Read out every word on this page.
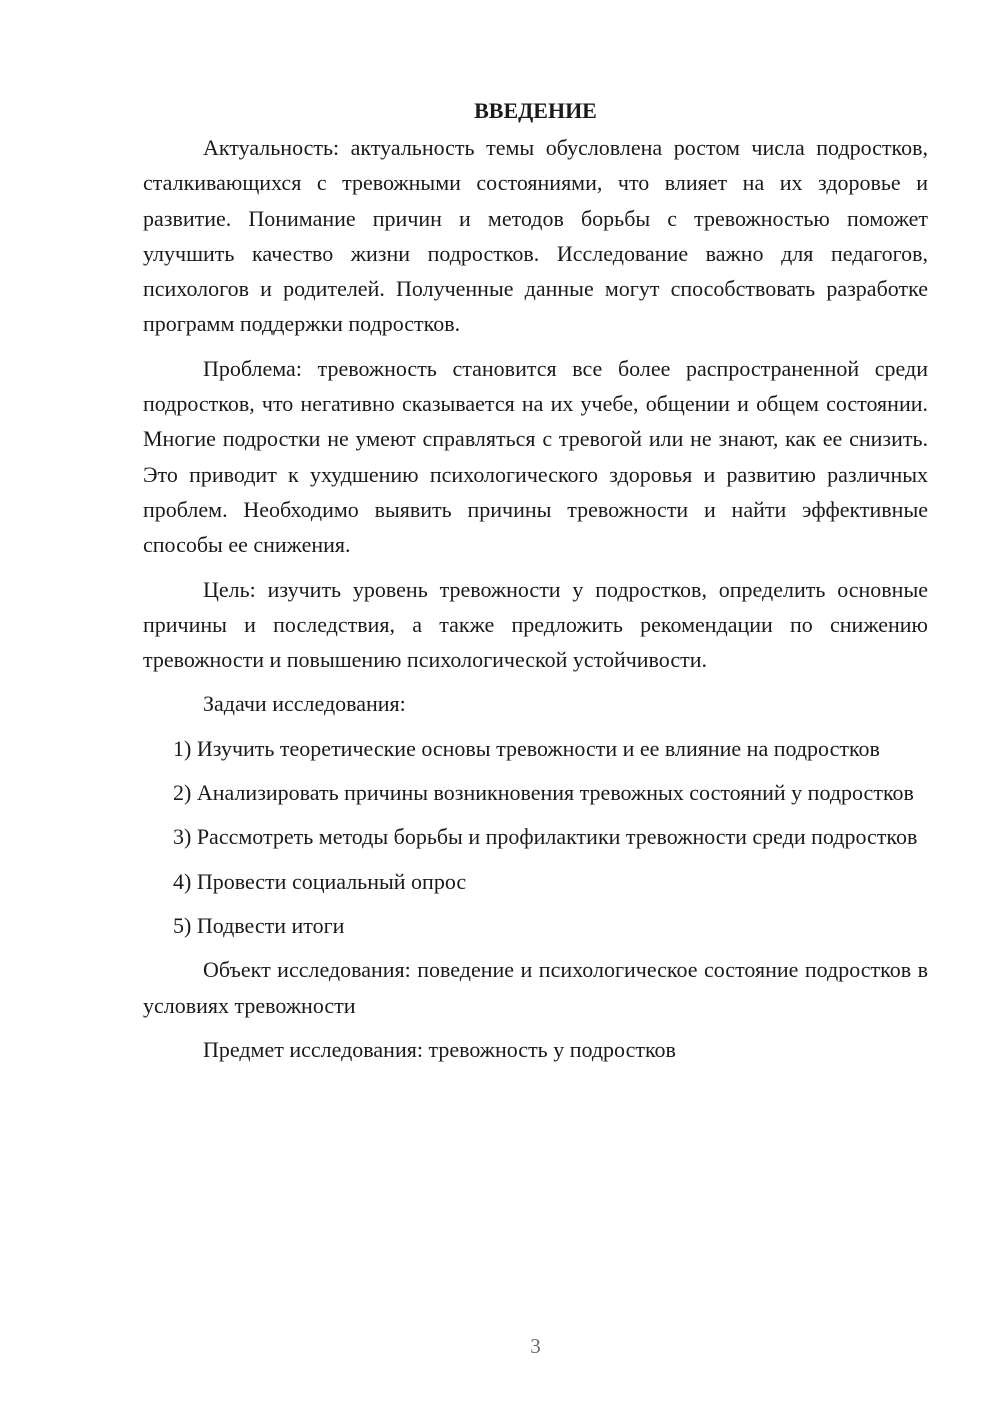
ВВЕДЕНИЕ

Актуальность: актуальность темы обусловлена ростом числа подростков, сталкивающихся с тревожными состояниями, что влияет на их здоровье и развитие. Понимание причин и методов борьбы с тревожностью поможет улучшить качество жизни подростков. Исследование важно для педагогов, психологов и родителей. Полученные данные могут способствовать разработке программ поддержки подростков.

Проблема: тревожность становится все более распространенной среди подростков, что негативно сказывается на их учебе, общении и общем состоянии. Многие подростки не умеют справляться с тревогой или не знают, как ее снизить. Это приводит к ухудшению психологического здоровья и развитию различных проблем. Необходимо выявить причины тревожности и найти эффективные способы ее снижения.

Цель: изучить уровень тревожности у подростков, определить основные причины и последствия, а также предложить рекомендации по снижению тревожности и повышению психологической устойчивости.

Задачи исследования:

1) Изучить теоретические основы тревожности и ее влияние на подростков

2) Анализировать причины возникновения тревожных состояний у подростков

3) Рассмотреть методы борьбы и профилактики тревожности среди подростков

4) Провести социальный опрос

5) Подвести итоги

Объект исследования: поведение и психологическое состояние подростков в условиях тревожности

Предмет исследования: тревожность у подростков

3
